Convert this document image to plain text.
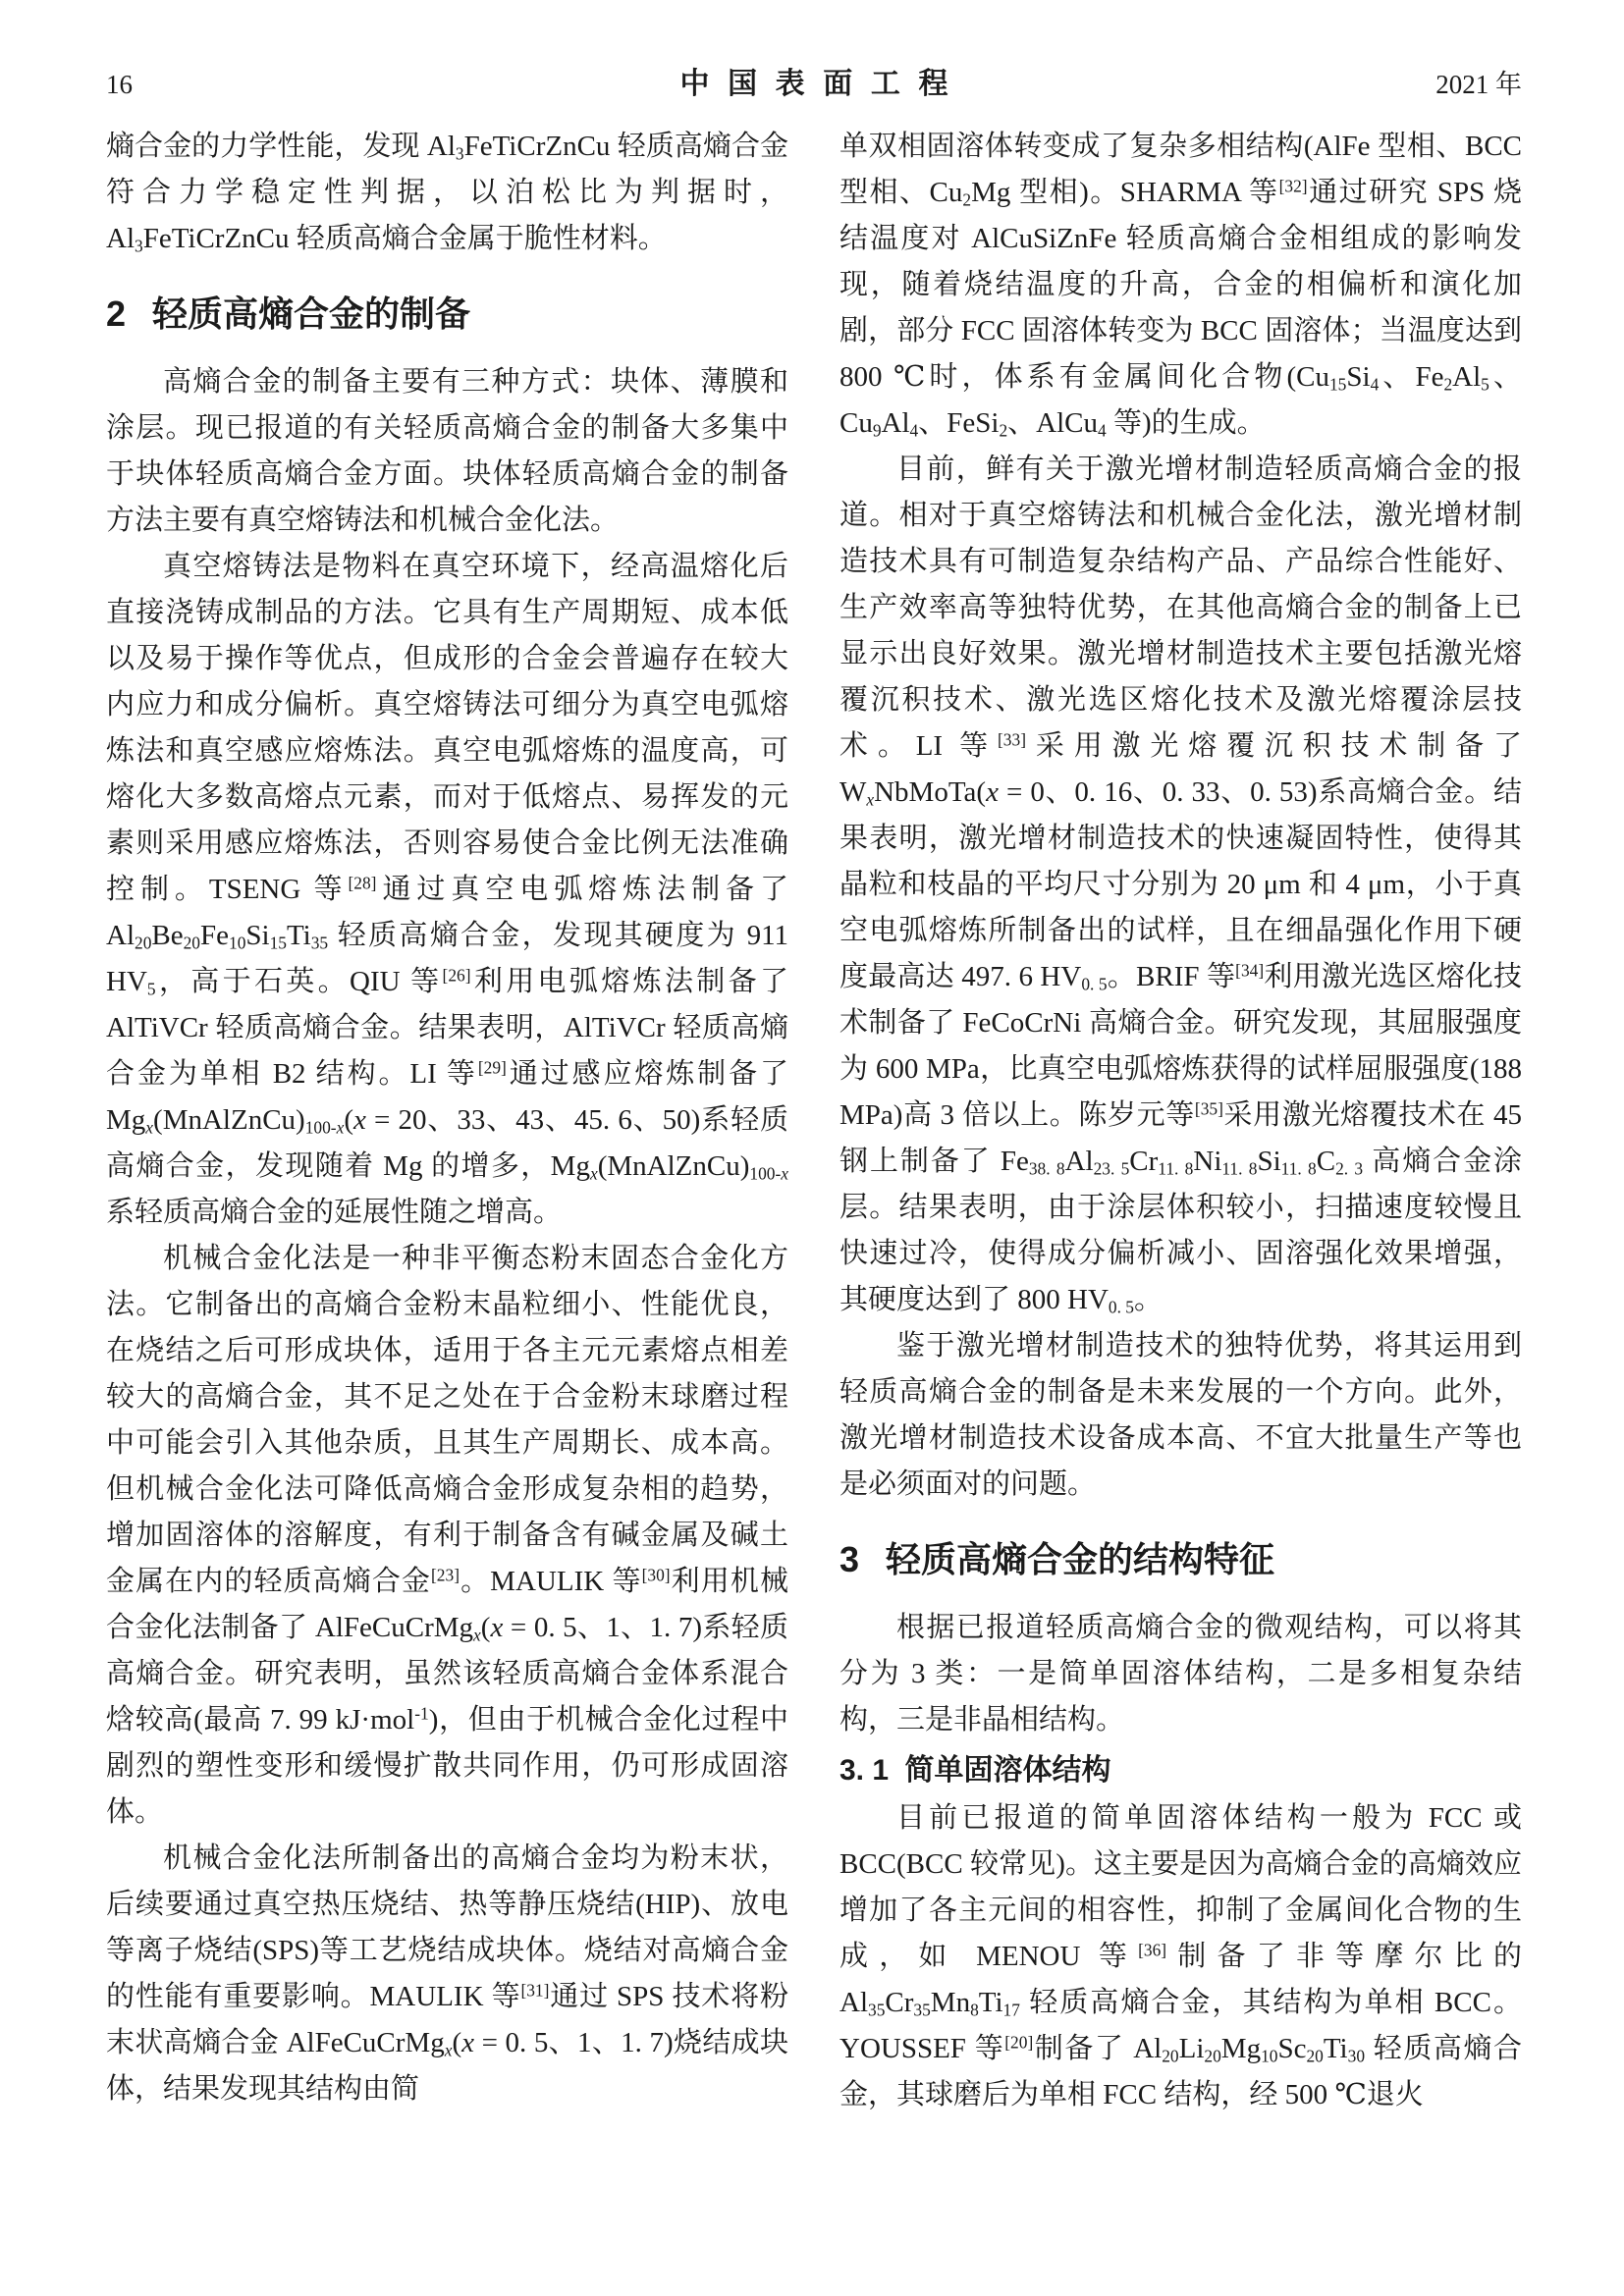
16	中国表面工程	2021 年

熵合金的力学性能，发现 $Al_3FeTiCrZnCu$ 轻质高熵合金符合力学稳定性判据，以泊松比为判据时，$Al_3FeTiCrZnCu$ 轻质高熵合金属于脆性材料。

2 轻质高熵合金的制备

高熵合金的制备主要有三种方式：块体、薄膜和涂层。现已报道的有关轻质高熵合金的制备大多集中于块体轻质高熵合金方面。块体轻质高熵合金的制备方法主要有真空熔铸法和机械合金化法。

真空熔铸法是物料在真空环境下，经高温熔化后直接浇铸成制品的方法。它具有生产周期短、成本低以及易于操作等优点，但成形的合金会普遍存在较大内应力和成分偏析。真空熔铸法可细分为真空电弧熔炼法和真空感应熔炼法。真空电弧熔炼的温度高，可熔化大多数高熔点元素，而对于低熔点、易挥发的元素则采用感应熔炼法，否则容易使合金比例无法准确控制。TSENG 等[28]通过真空电弧熔炼法制备了 $Al_{20}Be_{20}Fe_{10}Si_{15}Ti_{35}$ 轻质高熵合金，发现其硬度为 911 $HV_5$，高于石英。QIU 等[26]利用电弧熔炼法制备了 AlTiVCr 轻质高熵合金。结果表明，AlTiVCr 轻质高熵合金为单相 B2 结构。LI 等[29]通过感应熔炼制备了 $Mg_x(MnAlZnCu)_{100-x}(x = 20$、33、43、45. 6、50)系轻质高熵合金，发现随着 Mg 的增多，$Mg_x(MnAlZnCu)_{100-x}$ 系轻质高熵合金的延展性随之增高。

机械合金化法是一种非平衡态粉末固态合金化方法。它制备出的高熵合金粉末晶粒细小、性能优良，在烧结之后可形成块体，适用于各主元元素熔点相差较大的高熵合金，其不足之处在于合金粉末球磨过程中可能会引入其他杂质，且其生产周期长、成本高。但机械合金化法可降低高熵合金形成复杂相的趋势，增加固溶体的溶解度，有利于制备含有碱金属及碱土金属在内的轻质高熵合金[23]。MAULIK 等[30]利用机械合金化法制备了 AlFeCuCrMg$_x$(x = 0. 5、1、1. 7)系轻质高熵合金。研究表明，虽然该轻质高熵合金体系混合焓较高(最高 7. 99 kJ·mol$^{-1}$)，但由于机械合金化过程中剧烈的塑性变形和缓慢扩散共同作用，仍可形成固溶体。

机械合金化法所制备出的高熵合金均为粉末状，后续要通过真空热压烧结、热等静压烧结(HIP)、放电等离子烧结(SPS)等工艺烧结成块体。烧结对高熵合金的性能有重要影响。MAULIK 等[31]通过 SPS 技术将粉末状高熵合金 AlFeCuCrMg$_x$(x = 0. 5、1、1. 7)烧结成块体，结果发现其结构由简

单双相固溶体转变成了复杂多相结构(AlFe 型相、BCC 型相、$Cu_2Mg$ 型相)。SHARMA 等[32]通过研究 SPS 烧结温度对 AlCuSiZnFe 轻质高熵合金相组成的影响发现，随着烧结温度的升高，合金的相偏析和演化加剧，部分 FCC 固溶体转变为 BCC 固溶体；当温度达到 800 ℃时，体系有金属间化合物($Cu_{15}Si_4$、$Fe_2Al_5$、$Cu_9Al_4$、FeSi$_2$、AlCu$_4$ 等)的生成。

目前，鲜有关于激光增材制造轻质高熵合金的报道。相对于真空熔铸法和机械合金化法，激光增材制造技术具有可制造复杂结构产品、产品综合性能好、生产效率高等独特优势，在其他高熵合金的制备上已显示出良好效果。激光增材制造技术主要包括激光熔覆沉积技术、激光选区熔化技术及激光熔覆涂层技术。LI 等[33]采用激光熔覆沉积技术制备了 $W_xNbMoTa(x = 0$、0. 16、0. 33、0. 53)系高熵合金。结果表明，激光增材制造技术的快速凝固特性，使得其晶粒和枝晶的平均尺寸分别为 20 μm 和 4 μm，小于真空电弧熔炼所制备出的试样，且在细晶强化作用下硬度最高达 497. 6 $HV_{0. 5}$。BRIF 等[34]利用激光选区熔化技术制备了 FeCoCrNi 高熵合金。研究发现，其屈服强度为 600 MPa，比真空电弧熔炼获得的试样屈服强度(188 MPa)高 3 倍以上。陈岁元等[35]采用激光熔覆技术在 45 钢上制备了 $Fe_{38. 8}Al_{23. 5}Cr_{11. 8}Ni_{11. 8}Si_{11. 8}C_{2. 3}$ 高熵合金涂层。结果表明，由于涂层体积较小，扫描速度较慢且快速过冷，使得成分偏析减小、固溶强化效果增强，其硬度达到了 800 $HV_{0. 5}$。

鉴于激光增材制造技术的独特优势，将其运用到轻质高熵合金的制备是未来发展的一个方向。此外，激光增材制造技术设备成本高、不宜大批量生产等也是必须面对的问题。

3 轻质高熵合金的结构特征

根据已报道轻质高熵合金的微观结构，可以将其分为 3 类：一是简单固溶体结构，二是多相复杂结构，三是非晶相结构。

3. 1 简单固溶体结构

目前已报道的简单固溶体结构一般为 FCC 或 BCC(BCC 较常见)。这主要是因为高熵合金的高熵效应增加了各主元间的相容性，抑制了金属间化合物的生成，如 MENOU 等[36]制备了非等摩尔比的 $Al_{35}Cr_{35}Mn_8Ti_{17}$ 轻质高熵合金，其结构为单相 BCC。YOUSSEF 等[20]制备了 $Al_{20}Li_{20}Mg_{10}Sc_{20}Ti_{30}$ 轻质高熵合金，其球磨后为单相 FCC 结构，经 500 ℃退火
